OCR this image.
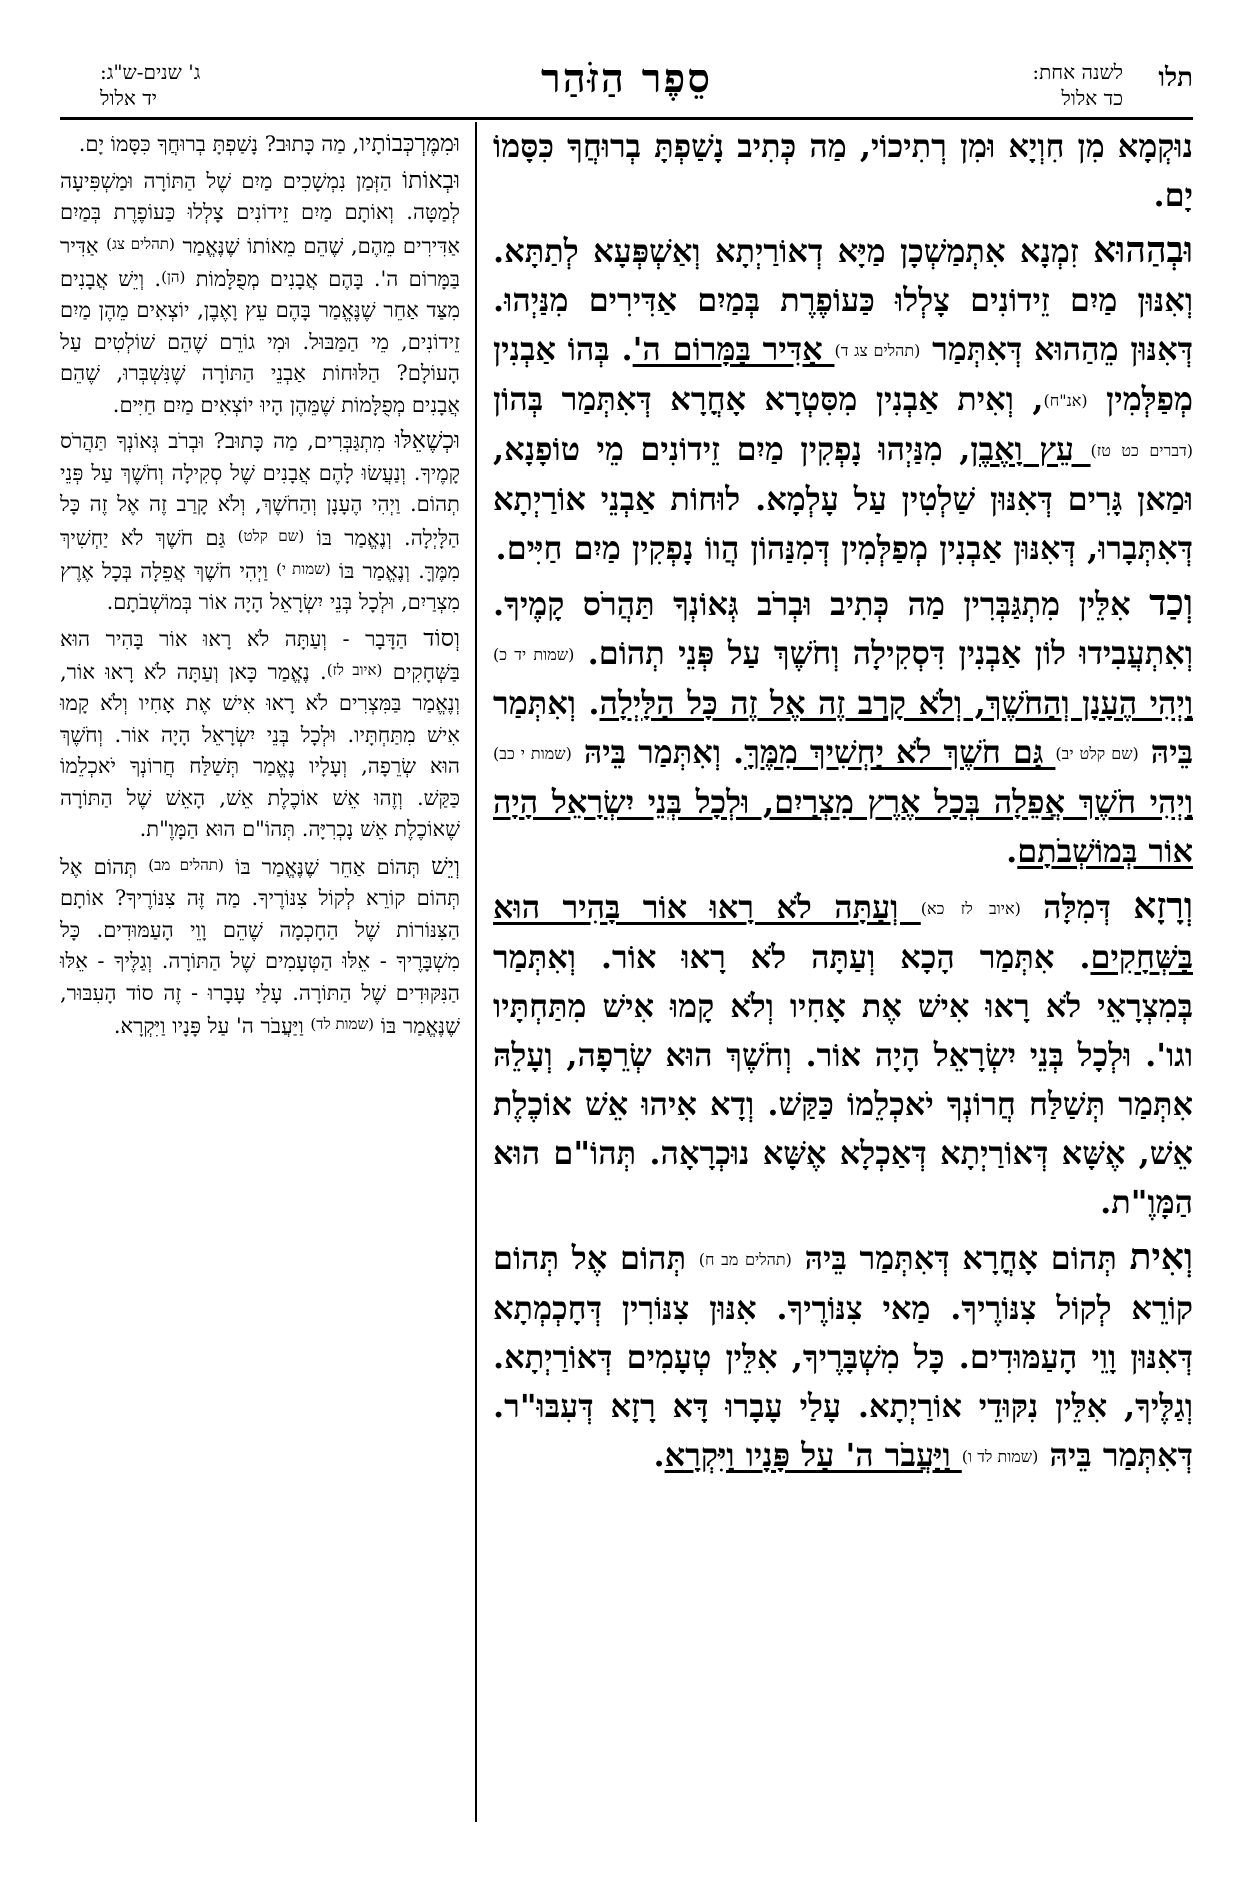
תלו
לשנה אחת:
כד אלול
סֵפֶר הַזֹּהַר
ג' שנים-ש"ג:
יד אלול

נוּקְמָא מִן חִוְיָא וּמִן רְתִיכוֹי, מַה כְּתִיב נָשַׁפְתָּ בְרוּחֲךָ כִּסָּמוֹ יָם.

וּבְהַהוּא זִמְנָא אִתְמַשְׁכָן מַיָּא דְאוֹרַיְתָא וְאַשְׁפְּעָא לְתַתָּא. וְאִנּוּן מַיִם זֵידוֹנִים צָלְלוּ כַּעוֹפֶרֶת בְּמַיִם אַדִּירִים מִנַּיְהוּ. דְּאִנּוּן מֵהַהוּא דְּאִתְּמַר (תהלים צג ד) אַדִּיר בַּמָּרוֹם ה'. בְּהוֹ אַבְנִין מְפַלְּמִין (אנ"ח), וְאִית אַבְנִין מִסִּטְרָא אָחֳרָא דְּאִתְּמַר בְּהוֹן (דברים כט טז) עֵץ וָאֶבֶן, מִנַּיְהוּ נָפְקִין מַיִם זֵידוֹנִים מֵי טוֹפָנָא, וּמַאן גָּרִים דְּאִנּוּן שַׁלְטִין עַל עָלְמָא. לוּחוֹת אַבְנֵי אוֹרַיְתָא דְּאִתְּבָרוּ, דְּאִנּוּן אַבְנִין מְפַלְּמִין דְּמִנַּהוֹן הֲווֹ נָפְקִין מַיִם חַיִּים.

וְכַד אִלֵּין מִתְגַּבְּרִין מַה כְּתִיב וּבְרֹב גְּאוֹנְךָ תַּהֲרֹס קָמֶיךָ. וְאִתְעֲבִידוּ לוֹן אַבְנִין דִּסְקִילָה וְחֹשֶׁךְ עַל פְּנֵי תְהוֹם. (שמות יד כ) וַיְהִי הֶעָנָן וְהַחֹשֶׁךְ, וְלֹא קָרַב זֶה אֶל זֶה כָּל הַלָּיְלָה. וְאִתְּמַר בֵּיהּ (שם קלט יב) גַּם חֹשֶׁךְ לֹא יַחְשִׁיךְ מִמֶּךָּ. וְאִתְּמַר בֵּיהּ (שמות י כב) וַיְהִי חֹשֶׁךְ אֲפֵלָה בְּכָל אֶרֶץ מִצְרַיִם, וּלְכָל בְּנֵי יִשְׂרָאֵל הָיָה אוֹר בְּמוֹשְׁבֹתָם.

וְרָזָא דְּמִלָּה (איוב לז כא) וְעַתָּה לֹא רָאוּ אוֹר בָּהִיר הוּא בַּשְּׁחָקִים. אִתְּמַר הָכָא וְעַתָּה לֹא רָאוּ אוֹר. וְאִתְּמַר בְּמִצְרָאֵי לֹא רָאוּ אִישׁ אֶת אָחִיו וְלֹא קָמוּ אִישׁ מִתַּחְתָּיו וגו'. וּלְכָל בְּנֵי יִשְׂרָאֵל הָיָה אוֹר. וְחֹשֶׁךְ הוּא שְׂרֵפָה, וְעָלֵהּ אִתְּמַר תְּשַׁלַּח חֲרוֹנְךָ יֹאכְלֵמוֹ כַּקַּשׁ. וְדָא אִיהוּ אֵשׁ אוֹכֶלֶת אֵשׁ, אֶשָּׁא דְּאוֹרַיְתָא דְּאַכְלָא אֶשָּׁא נוּכְרָאָה. תְּהוֹ"ם הוּא הַמָּוֶ"ת.

וְאִית תְּהוֹם אָחֳרָא דְּאִתְּמַר בֵּיהּ (תהלים מב ח) תְּהוֹם אֶל תְּהוֹם קוֹרֵא לְקוֹל צִנּוֹרֶיךָ. מַאי צִנּוֹרֶיךָ. אִנּוּן צִנּוֹרִין דְּחָכְמְתָא דְּאִנּוּן וָוֵי הָעַמּוּדִים. כָּל מִשְׁבָּרֶיךָ, אִלֵּין טְעָמִים דְּאוֹרַיְתָא. וְגַלֶּיךָ, אִלֵּין נִקּוּדֵי אוֹרַיְתָא. עָלַי עָבָרוּ דָּא רָזָא דְּעִבּוּ"ר. דְּאִתְּמַר בֵּיהּ (שמות לד ו) וַיַּעֲבֹר ה' עַל פָּנָיו וַיִּקְרָא.

וּמִמֶּרְכְּבוֹתָיו, מַה כָּתוּב? נָשַׁפְתָּ בְרוּחֲךָ כִּסָּמוֹ יָם.

וּבְאוֹתוֹ הַזְּמַן נִמְשָׁכִים מַיִם שֶׁל הַתּוֹרָה וּמַשְׁפִּיעָה לְמַטָּה. וְאוֹתָם מַיִם זֵידוֹנִים צָלְלוּ כַּעוֹפֶרֶת בְּמַיִם אַדִּירִים מֵהֶם, שֶׁהֵם מֵאוֹתוֹ שֶׁנֶּאֱמַר (תהלים צג) אַדִּיר בַּמָּרוֹם ה'. בָּהֶם אֲבָנִים מְפֻלָּמוֹת (הן). וְיֵשׁ אֲבָנִים מִצַּד אַחֵר שֶׁנֶּאֱמַר בָּהֶם עֵץ וָאֶבֶן, יוֹצְאִים מֵהֶן מַיִם זֵידוֹנִים, מֵי הַמַּבּוּל. וּמִי גוֹרֵם שֶׁהֵם שׁוֹלְטִים עַל הָעוֹלָם? הַלּוּחוֹת אַבְנֵי הַתּוֹרָה שֶׁנִּשְׁבְּרוּ, שֶׁהֵם אֲבָנִים מְפֻלָּמוֹת שֶׁמֵּהֶן הָיוּ יוֹצְאִים מַיִם חַיִּים.

וּכְשֶׁאֵלּוּ מִתְגַּבְּרִים, מַה כָּתוּב? וּבְרֹב גְּאוֹנְךָ תַּהֲרֹס קָמֶיךָ. וְנַעֲשׂוּ לָהֶם אֲבָנִים שֶׁל סְקִילָה וְחֹשֶׁךְ עַל פְּנֵי תְהוֹם. וַיְהִי הֶעָנָן וְהַחֹשֶׁךְ, וְלֹא קָרַב זֶה אֶל זֶה כָּל הַלָּיְלָה. וְנֶאֱמַר בּוֹ (שם קלט) גַּם חֹשֶׁךְ לֹא יַחְשִׁיךְ מִמֶּךָּ. וְנֶאֱמַר בּוֹ (שמות י) וַיְהִי חֹשֶׁךְ אֲפֵלָה בְּכָל אֶרֶץ מִצְרַיִם, וּלְכָל בְּנֵי יִשְׂרָאֵל הָיָה אוֹר בְּמוֹשְׁבֹתָם.

וְסוֹד הַדָּבָר - וְעַתָּה לֹא רָאוּ אוֹר בָּהִיר הוּא בַּשְּׁחָקִים (איוב לז). נֶאֱמַר כָּאן וְעַתָּה לֹא רָאוּ אוֹר, וְנֶאֱמַר בַּמִּצְרִים לֹא רָאוּ אִישׁ אֶת אָחִיו וְלֹא קָמוּ אִישׁ מִתַּחְתָּיו. וּלְכָל בְּנֵי יִשְׂרָאֵל הָיָה אוֹר. וְחֹשֶׁךְ הוּא שְׂרֵפָה, וְעָלָיו נֶאֱמַר תְּשַׁלַּח חֲרוֹנְךָ יֹאכְלֵמוֹ כַּקַּשׁ. וְזֶהוּ אֵשׁ אוֹכֶלֶת אֵשׁ, הָאֵשׁ שֶׁל הַתּוֹרָה שֶׁאוֹכֶלֶת אֵשׁ נָכְרִיָּה. תְּהוֹ"ם הוּא הַמָּוֶ"ת.

וְיֵשׁ תְּהוֹם אַחֵר שֶׁנֶּאֱמַר בּוֹ (תהלים מב) תְּהוֹם אֶל תְּהוֹם קוֹרֵא לְקוֹל צִנּוֹרֶיךָ. מַה זֶּה צִנּוֹרֶיךָ? אוֹתָם הַצִּנּוֹרוֹת שֶׁל הַחָכְמָה שֶׁהֵם וָוֵי הָעַמּוּדִים. כָּל מִשְׁבָּרֶיךָ - אֵלּוּ הַטְּעָמִים שֶׁל הַתּוֹרָה. וְגַלֶּיךָ - אֵלּוּ הַנִּקּוּדִים שֶׁל הַתּוֹרָה. עָלַי עָבָרוּ - זֶה סוֹד הָעִבּוּר, שֶׁנֶּאֱמַר בּוֹ (שמות לד) וַיַּעֲבֹר ה' עַל פָּנָיו וַיִּקְרָא.
